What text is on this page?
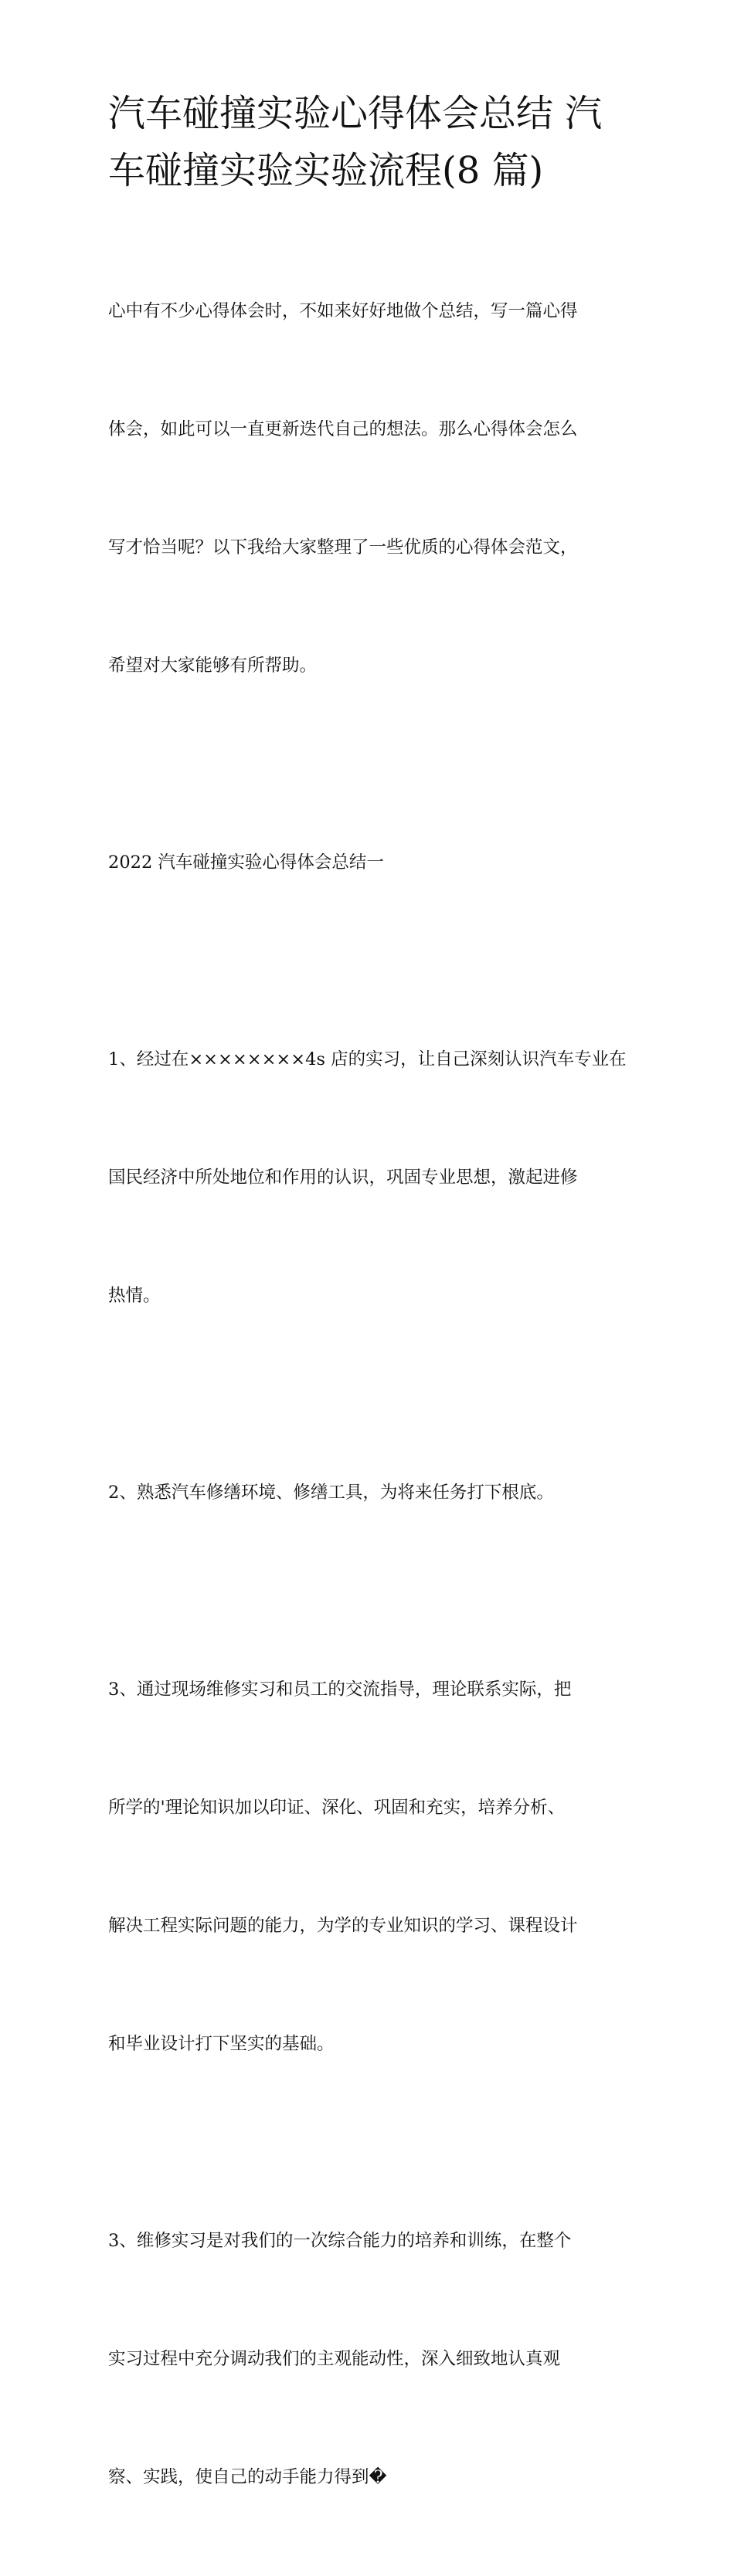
汽车碰撞实验心得体会总结 汽
车碰撞实验实验流程(8 篇)

心中有不少心得体会时，不如来好好地做个总结，写一篇心得

体会，如此可以一直更新迭代自己的想法。那么心得体会怎么

写才恰当呢？以下我给大家整理了一些优质的心得体会范文，

希望对大家能够有所帮助。

2022 汽车碰撞实验心得体会总结一

1、经过在××××××××4s 店的实习，让自己深刻认识汽车专业在

国民经济中所处地位和作用的认识，巩固专业思想，激起进修

热情。

2、熟悉汽车修缮环境、修缮工具，为将来任务打下根底。

3、通过现场维修实习和员工的交流指导，理论联系实际，把

所学的'理论知识加以印证、深化、巩固和充实，培养分析、

解决工程实际问题的能力，为学的专业知识的学习、课程设计

和毕业设计打下坚实的基础。

3、维修实习是对我们的一次综合能力的培养和训练，在整个

实习过程中充分调动我们的主观能动性，深入细致地认真观

察、实践，使自己的动手能力得到�
